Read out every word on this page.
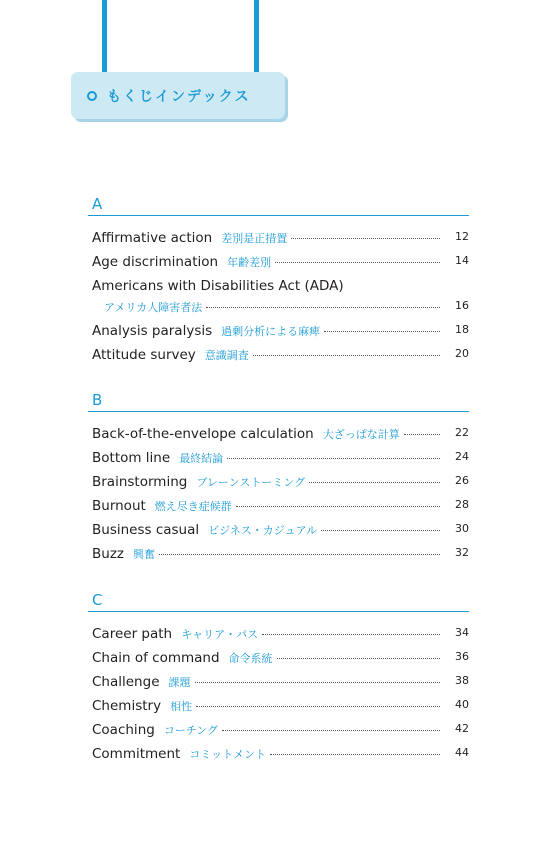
もくじインデックス
A
Affirmative action 差別是正措置	12
Age discrimination 年齢差別	14
Americans with Disabilities Act (ADA)
アメリカ人障害者法	16
Analysis paralysis 過剰分析による麻痺	18
Attitude survey 意識調査	20
B
Back-of-the-envelope calculation 大ざっぱな計算	22
Bottom line 最終結論	24
Brainstorming ブレーンストーミング	26
Burnout 燃え尽き症候群	28
Business casual ビジネス・カジュアル	30
Buzz 興奮	32
C
Career path キャリア・パス	34
Chain of command 命令系統	36
Challenge 課題	38
Chemistry 相性	40
Coaching コーチング	42
Commitment コミットメント	44
